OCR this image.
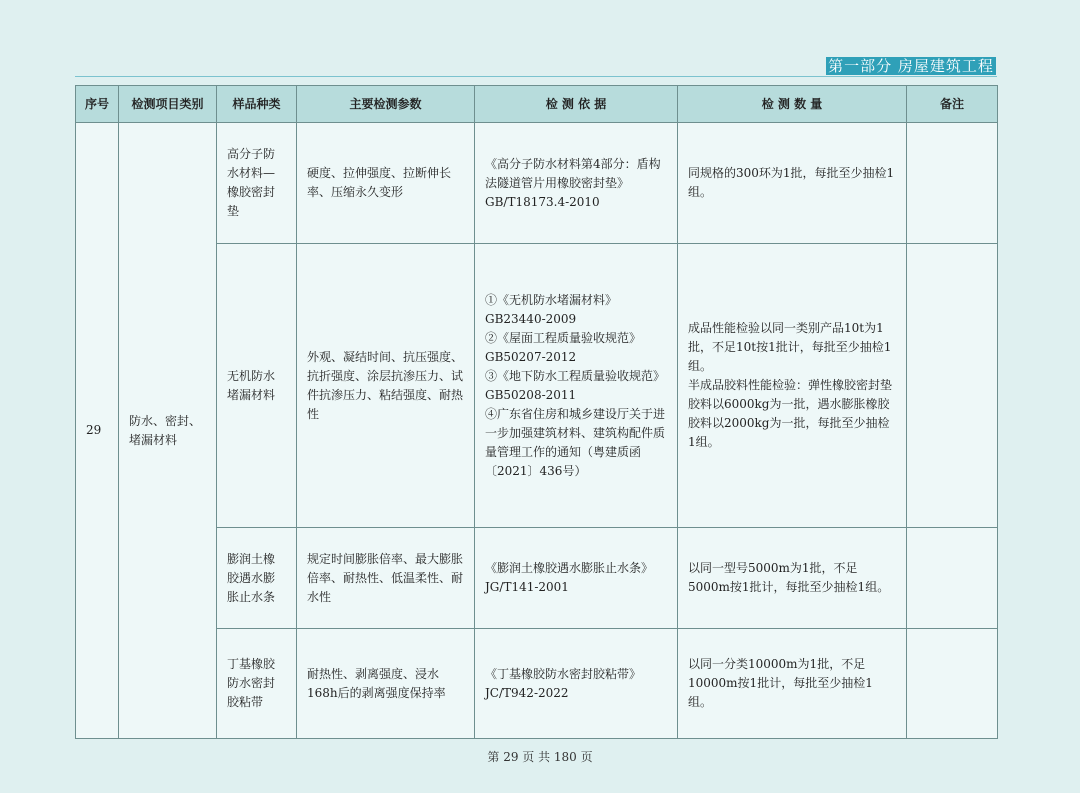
第一部分 房屋建筑工程
序号	检测项目类别	样品种类	主要检测参数	检 测 依 据	检 测 数 量	备注
29	防水、密封、堵漏材料	高分子防水材料—橡胶密封垫	硬度、拉伸强度、拉断伸长率、压缩永久变形	《高分子防水材料第4部分：盾构法隧道管片用橡胶密封垫》GB/T18173.4-2010	同规格的300环为1批，每批至少抽检1组。	

		无机防水堵漏材料	外观、凝结时间、抗压强度、抗折强度、涂层抗渗压力、试件抗渗压力、粘结强度、耐热性	①《无机防水堵漏材料》GB23440-2009
②《屋面工程质量验收规范》GB50207-2012
③《地下防水工程质量验收规范》GB50208-2011
④广东省住房和城乡建设厅关于进一步加强建筑材料、建筑构配件质量管理工作的通知（粤建质函〔2021〕436号）	成品性能检验以同一类别产品10t为1批，不足10t按1批计，每批至少抽检1组。
半成品胶料性能检验：弹性橡胶密封垫胶料以6000kg为一批，遇水膨胀橡胶胶料以2000kg为一批，每批至少抽检1组。	

		膨润土橡胶遇水膨胀止水条	规定时间膨胀倍率、最大膨胀倍率、耐热性、低温柔性、耐水性	《膨润土橡胶遇水膨胀止水条》JG/T141-2001	以同一型号5000m为1批，不足5000m按1批计，每批至少抽检1组。	

		丁基橡胶防水密封胶粘带	耐热性、剥离强度、浸水168h后的剥离强度保持率	《丁基橡胶防水密封胶粘带》JC/T942-2022	以同一分类10000m为1批，不足10000m按1批计，每批至少抽检1组。	

第 29 页 共 180 页
